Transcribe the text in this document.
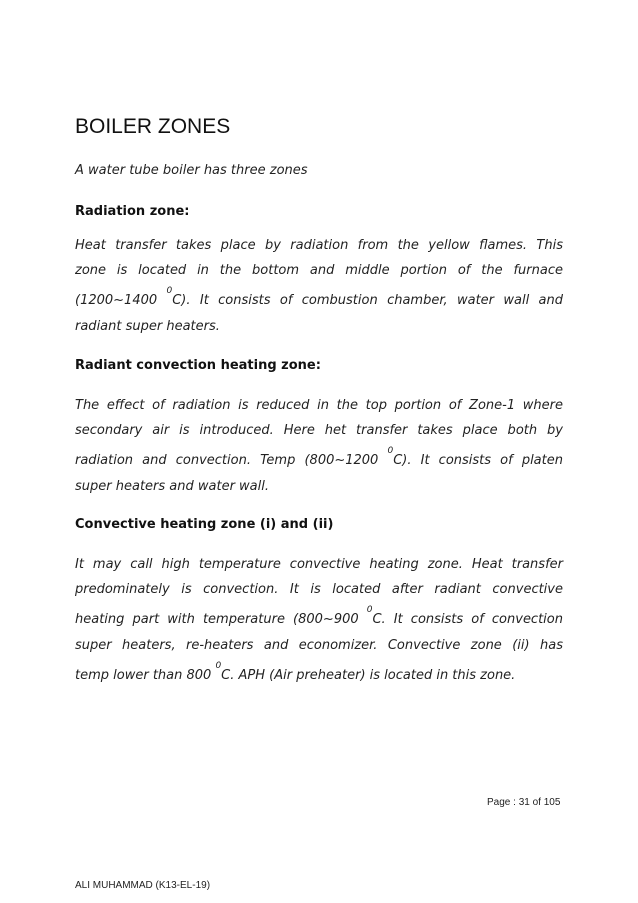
BOILER ZONES

A water tube boiler has three zones

Radiation zone:
Heat transfer takes place by radiation from the yellow flames. This
zone is located in the bottom and middle portion of the furnace
(1200~1400 $^0$C). It consists of combustion chamber, water wall and
radiant super heaters.
Radiant convection heating zone:
The effect of radiation is reduced in the top portion of Zone-1 where
secondary air is introduced. Here het transfer takes place both by
radiation and convection. Temp (800~1200 $^0$C). It consists of platen
super heaters and water wall.
Convective heating zone (i) and (ii)
It may call high temperature convective heating zone. Heat transfer
predominately is convection. It is located after radiant convective
heating part with temperature (800~900 $^0$C. It consists of convection
super heaters, re-heaters and economizer. Convective zone (ii) has
temp lower than 800 $^0$C. APH (Air preheater) is located in this zone.
Page : 31 of 105
ALI MUHAMMAD (K13-EL-19)
